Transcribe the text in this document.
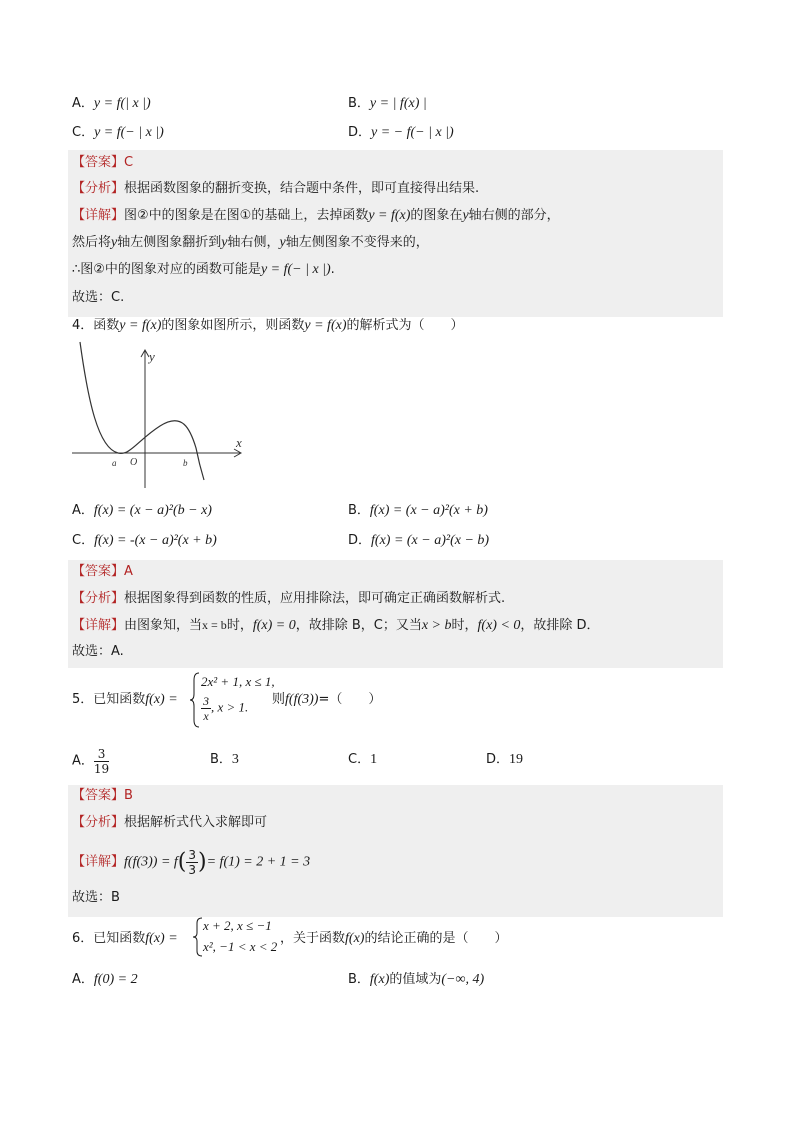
A．y = f(| x |)	B．y = | f(x) |
C．y = f(− | x |)	D．y = − f(− | x |)
【答案】C
【分析】根据函数图象的翻折变换，结合题中条件，即可直接得出结果.
【详解】图②中的图象是在图①的基础上，去掉函数y = f(x)的图象在y轴右侧的部分，
然后将y轴左侧图象翻折到y轴右侧，y轴左侧图象不变得来的，
∴图②中的图象对应的函数可能是y = f(− | x |).
故选：C.
4．函数y = f(x)的图象如图所示，则函数y = f(x)的解析式为（　　）
y
x
O
a	b
A．f(x) = (x − a)²(b − x)	B．f(x) = (x − a)²(x + b)
C．f(x) = -(x − a)²(x + b)	D．f(x) = (x − a)²(x − b)
【答案】A
【分析】根据图象得到函数的性质，应用排除法，即可确定正确函数解析式.
【详解】由图象知，当x = b时，f(x) = 0，故排除 B，C；又当x > b时，f(x) < 0，故排除 D．
故选：A.
5．已知函数f(x) =
2x² + 1, x ≤ 1,
$\frac{3}{x}$ , x > 1. 则f(f(3))=（　　）
A． $\frac{3}{19}$	B．3	C．1	D．19
【答案】B
【分析】根据解析式代入求解即可
【详解】$f(f(3)) = f( \frac{3}{3}$ )= f(1) = 2 + 1 = 3
故选：B
6．已知函数f(x) =
x + 2, x ≤ −1
x², −1 < x < 2
，关于函数f(x)的结论正确的是（　　）
A．f(0) = 2	B．f(x)的值域为(−∞, 4)
